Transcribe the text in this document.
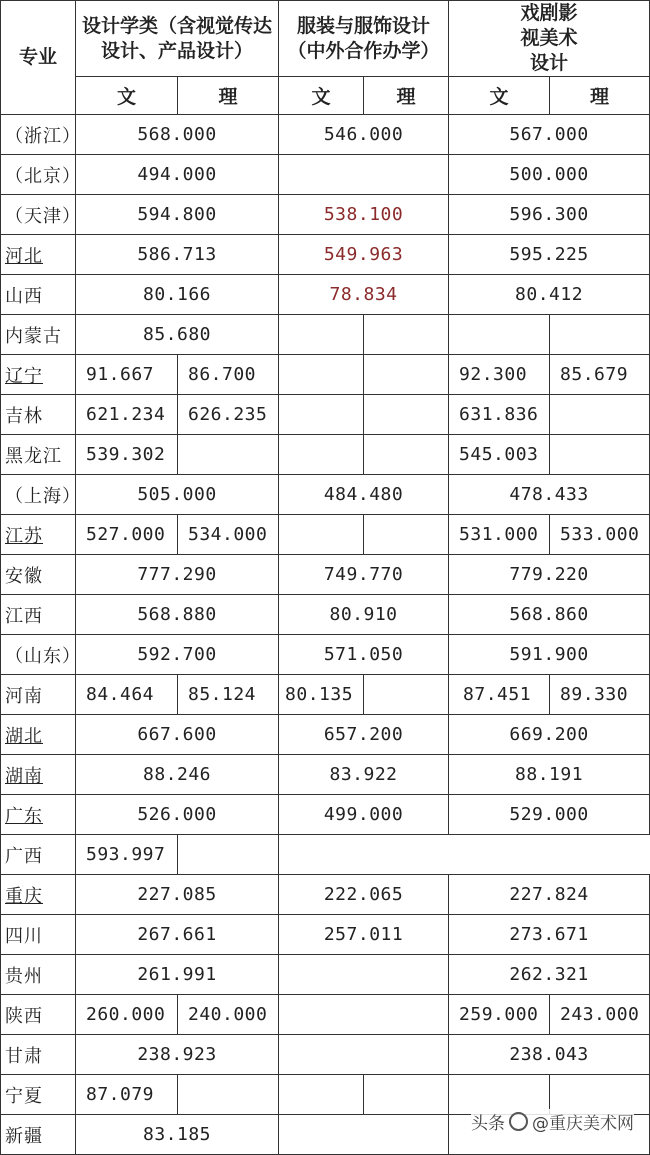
专业	设计学类（含视觉传达设计、产品设计）		服装与服饰设计（中外合作办学）		戏剧影视美术设计	
	文	理	文	理	文	理
（浙江）	568.000		546.000		567.000	
（北京）	494.000				500.000	
（天津）	594.800		538.100		596.300	
河北	586.713		549.963		595.225	
山西	80.166		78.834		80.412	
内蒙古	85.680					
辽宁	91.667	86.700			92.300	85.679
吉林	621.234	626.235			631.836	
黑龙江	539.302				545.003	
（上海）	505.000		484.480		478.433	
江苏	527.000	534.000			531.000	533.000
安徽	777.290		749.770		779.220	
江西	568.880		80.910		568.860	
（山东）	592.700		571.050		591.900	
河南	84.464	85.124	80.135		87.451	89.330
湖北	667.600		657.200		669.200	
湖南	88.246		83.922		88.191	
广东	526.000		499.000		529.000	
广西	593.997					
重庆	227.085		222.065		227.824	
四川	267.661		257.011		273.671	
贵州	261.991				262.321	
陕西	260.000	240.000			259.000	243.000
甘肃	238.923				238.043	
宁夏	87.079					
新疆	83.185						头条 @重庆美术网
